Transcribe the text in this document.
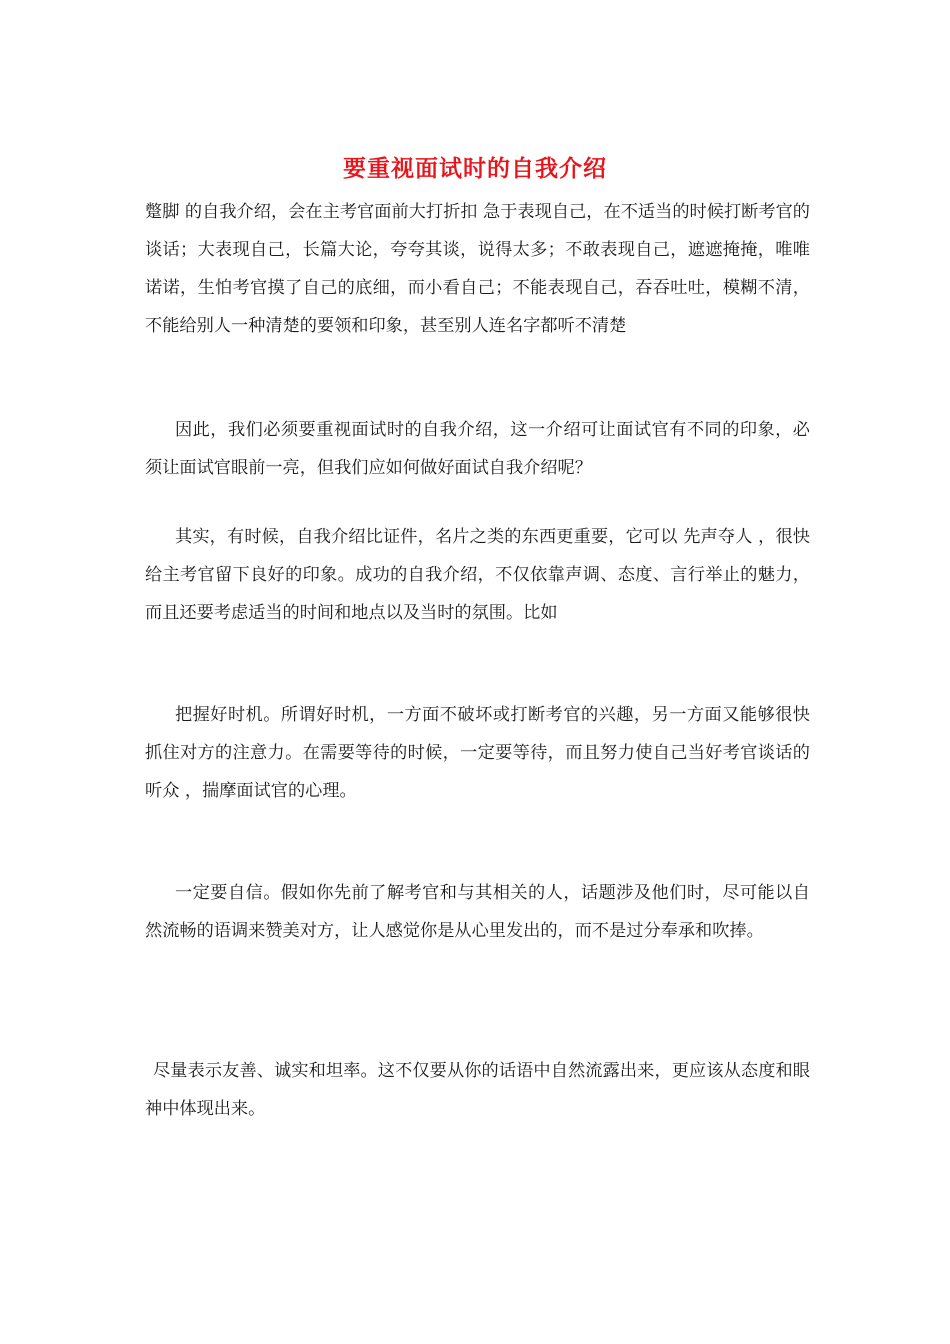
要重视面试时的自我介绍

蹩脚 的自我介绍，会在主考官面前大打折扣 急于表现自己，在不适当的时候打断考官的谈话；大表现自己，长篇大论，夸夸其谈，说得太多；不敢表现自己，遮遮掩掩，唯唯诺诺，生怕考官摸了自己的底细，而小看自己；不能表现自己，吞吞吐吐，模糊不清，不能给别人一种清楚的要领和印象，甚至别人连名字都听不清楚

因此，我们必须要重视面试时的自我介绍，这一介绍可让面试官有不同的印象，必须让面试官眼前一亮，但我们应如何做好面试自我介绍呢？

其实，有时候，自我介绍比证件，名片之类的东西更重要，它可以 先声夺人 ，很快给主考官留下良好的印象。成功的自我介绍，不仅依靠声调、态度、言行举止的魅力，而且还要考虑适当的时间和地点以及当时的氛围。比如

把握好时机。所谓好时机，一方面不破坏或打断考官的兴趣，另一方面又能够很快抓住对方的注意力。在需要等待的时候，一定要等待，而且努力使自己当好考官谈话的听众 ，揣摩面试官的心理。

一定要自信。假如你先前了解考官和与其相关的人，话题涉及他们时，尽可能以自然流畅的语调来赞美对方，让人感觉你是从心里发出的，而不是过分奉承和吹捧。

尽量表示友善、诚实和坦率。这不仅要从你的话语中自然流露出来，更应该从态度和眼神中体现出来。
